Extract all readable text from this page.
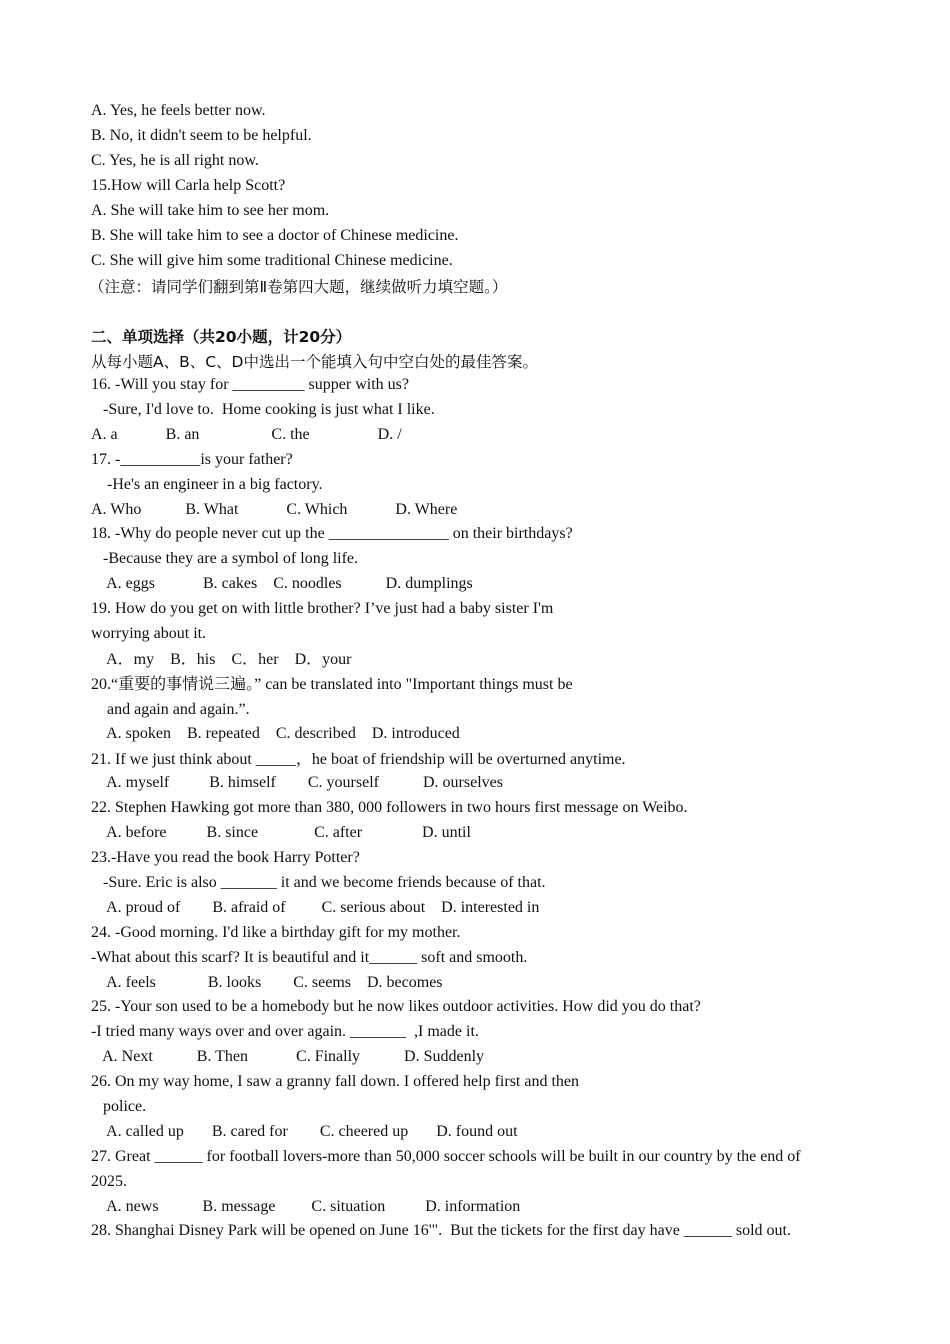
A. Yes, he feels better now.
B. No, it didn't seem to be helpful.
C. Yes, he is all right now.
15.How will Carla help Scott?
A. She will take him to see her mom.
B. She will take him to see a doctor of Chinese medicine.
C. She will give him some traditional Chinese medicine.
（注意：请同学们翻到第Ⅱ卷第四大题，继续做听力填空题。）
二、单项选择（共20小题，计20分）
从每小题A、B、C、D中选出一个能填入句中空白处的最佳答案。
16. -Will you stay for _________ supper with us?
-Sure, I'd love to.  Home cooking is just what I like.
A. a            B. an                  C. the                 D. /
17. -__________is your father?
-He's an engineer in a big factory.
A. Who           B. What            C. Which            D. Where
18. -Why do people never cut up the _______________ on their birthdays?
-Because they are a symbol of long life.
A. eggs            B. cakes    C. noodles           D. dumplings
19. How do you get on with little brother? I’ve just had a baby sister I'm
worrying about it.
A．my    B．his    C．her    D．your
20.“重要的事情说三遍。” can be translated into "Important things must be
and again and again.”.
A. spoken    B. repeated    C. described    D. introduced
21. If we just think about _____，he boat of friendship will be overturned anytime.
A. myself          B. himself        C. yourself           D. ourselves
22. Stephen Hawking got more than 380, 000 followers in two hours first message on Weibo.
A. before          B. since              C. after               D. until
23.-Have you read the book Harry Potter?
-Sure. Eric is also _______ it and we become friends because of that.
A. proud of        B. afraid of         C. serious about    D. interested in
24. -Good morning. I'd like a birthday gift for my mother.
-What about this scarf? It is beautiful and it______ soft and smooth.
A. feels             B. looks        C. seems    D. becomes
25. -Your son used to be a homebody but he now likes outdoor activities. How did you do that?
-I tried many ways over and over again. _______  ,I made it.
A. Next           B. Then            C. Finally           D. Suddenly
26. On my way home, I saw a granny fall down. I offered help first and then
police.
A. called up       B. cared for        C. cheered up       D. found out
27. Great ______ for football lovers-more than 50,000 soccer schools will be built in our country by the end of
2025.
A. news           B. message         C. situation          D. information
28. Shanghai Disney Park will be opened on June 16'".  But the tickets for the first day have ______ sold out.
